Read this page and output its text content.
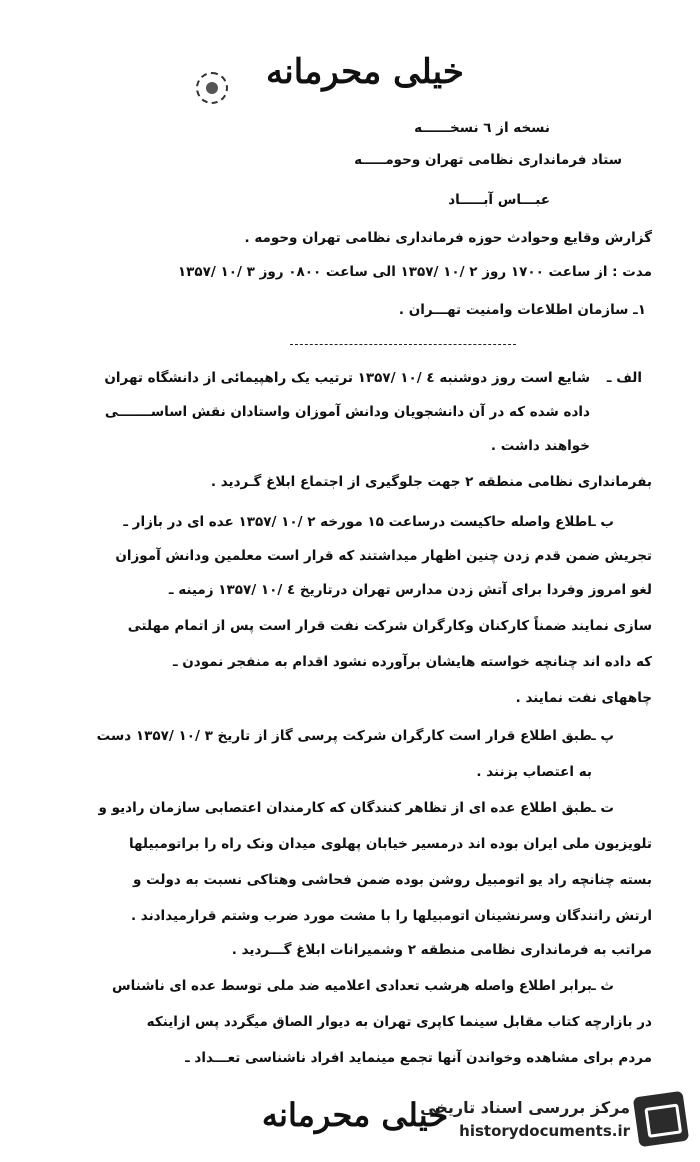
خیلی محرمانه
نسخه از ٦ نسخــــــه
ستاد فرمانداری نظامی تهران وحومـــــه
عبـــاس آبـــــاد
گزارش وقایع وحوادث حوزه فرمانداری نظامی تهران وحومه .
مدت : از ساعت ۱۷۰۰ روز ۲ /۱۰ /۱۳۵۷ الی ساعت ۰۸۰۰ روز ۳ /۱۰ /۱۳۵۷
۱ـ سازمان اطلاعات وامنیت تهـــران .
الف ـ
شایع است روز دوشنبه ٤ /۱۰ /۱۳۵۷ ترتیب یک راهپیمائی از دانشگاه تهران
داده شده که در آن دانشجویان ودانش آموزان واستادان نقش اساســـــــی
خواهند داشت .
بفرمانداری نظامی منطقه ۲ جهت جلوگیری از اجتماع ابلاغ گـردید .
ب ـ
اطلاع واصله حاکیست درساعت ۱۵ مورخه ۲ /۱۰ /۱۳۵۷ عده ای در بازار ـ
تجریش ضمن قدم زدن چنین اظهار میداشتند که قرار است معلمین ودانش آموزان
لغو امروز وفردا برای آتش زدن مدارس تهران درتاریخ ٤ /۱۰ /۱۳۵۷ زمینه ـ
سازی نمایند ضمناً کارکنان وکارگران شرکت نفت قرار است پس از اتمام مهلتی
که داده اند چنانچه خواسته هایشان برآورده نشود اقدام به منفجر نمودن ـ
چاههای نفت نمایند .
پ ـ
طبق اطلاع قرار است کارگران شرکت پرسی گاز از تاریخ ۳ /۱۰ /۱۳۵۷ دست
به اعتصاب بزنند .
ت ـ
طبق اطلاع عده ای از تظاهر کنندگان که کارمندان اعتصابی سازمان رادیو و
تلویزیون ملی ایران بوده اند درمسیر خیابان پهلوی میدان ونک راه را براتومبیلها
بسته چنانچه راد یو اتومبیل روشن بوده ضمن فحاشی وهتاکی نسبت به دولت و
ارتش رانندگان وسرنشینان اتومبیلها را با مشت مورد ضرب وشتم قرارمیدادند .
مراتب به فرمانداری نظامی منطقه ۲ وشمیرانات ابلاغ گـــردید .
ث ـ
برابر اطلاع واصله هرشب تعدادی اعلامیه ضد ملی توسط عده ای ناشناس
در بازارچه کتاب مقابل سینما کاپری تهران به دیوار الصاق میگردد پس ازاینکه
مردم برای مشاهده وخواندن آنها تجمع مینماید افراد ناشناسی تعـــداد ـ
خیلی محرمانه
مرکز بررسی اسناد تاریخی
historydocuments.ir
